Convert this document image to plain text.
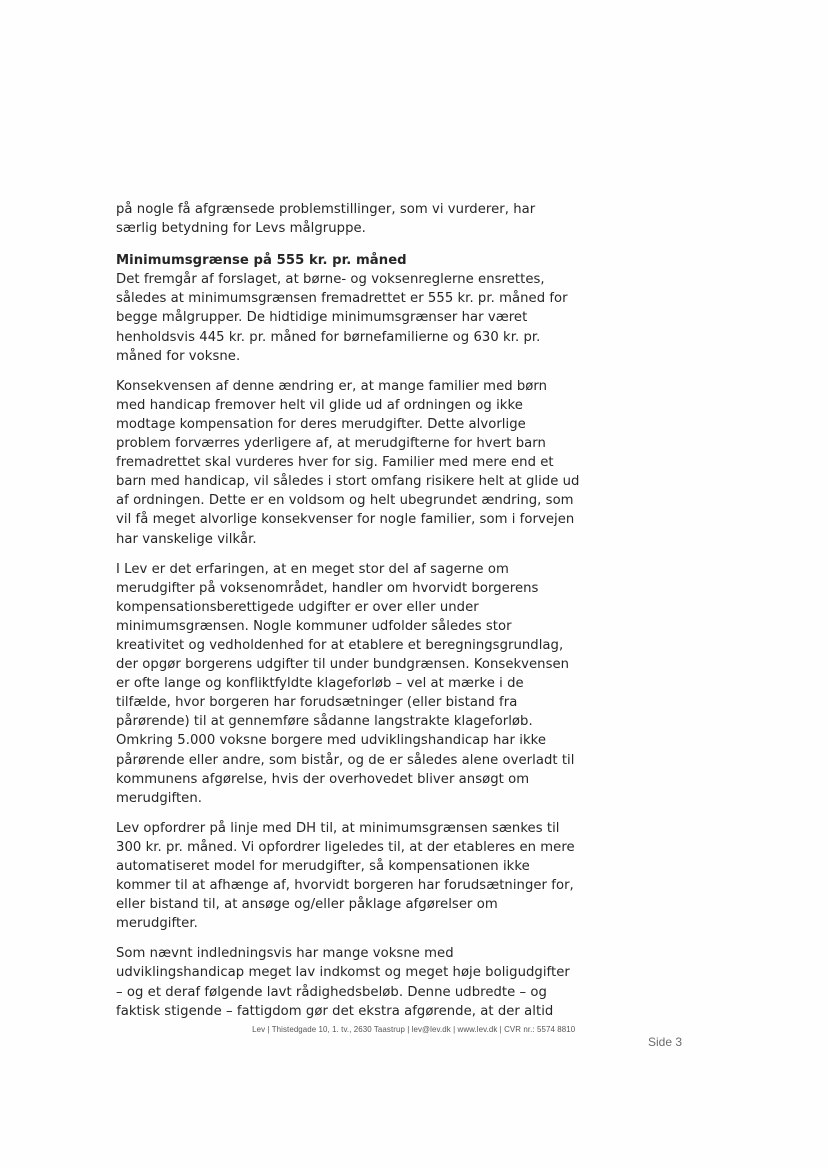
på nogle få afgrænsede problemstillinger, som vi vurderer, har
særlig betydning for Levs målgruppe.

Minimumsgrænse på 555 kr. pr. måned
Det fremgår af forslaget, at børne- og voksenreglerne ensrettes,
således at minimumsgrænsen fremadrettet er 555 kr. pr. måned for
begge målgrupper. De hidtidige minimumsgrænser har været
henholdsvis 445 kr. pr. måned for børnefamilierne og 630 kr. pr.
måned for voksne.

Konsekvensen af denne ændring er, at mange familier med børn
med handicap fremover helt vil glide ud af ordningen og ikke
modtage kompensation for deres merudgifter. Dette alvorlige
problem forværres yderligere af, at merudgifterne for hvert barn
fremadrettet skal vurderes hver for sig. Familier med mere end et
barn med handicap, vil således i stort omfang risikere helt at glide ud
af ordningen. Dette er en voldsom og helt ubegrundet ændring, som
vil få meget alvorlige konsekvenser for nogle familier, som i forvejen
har vanskelige vilkår.

I Lev er det erfaringen, at en meget stor del af sagerne om
merudgifter på voksenområdet, handler om hvorvidt borgerens
kompensationsberettigede udgifter er over eller under
minimumsgrænsen. Nogle kommuner udfolder således stor
kreativitet og vedholdenhed for at etablere et beregningsgrundlag,
der opgør borgerens udgifter til under bundgrænsen. Konsekvensen
er ofte lange og konfliktfyldte klageforløb – vel at mærke i de
tilfælde, hvor borgeren har forudsætninger (eller bistand fra
pårørende) til at gennemføre sådanne langstrakte klageforløb.
Omkring 5.000 voksne borgere med udviklingshandicap har ikke
pårørende eller andre, som bistår, og de er således alene overladt til
kommunens afgørelse, hvis der overhovedet bliver ansøgt om
merudgiften.

Lev opfordrer på linje med DH til, at minimumsgrænsen sænkes til
300 kr. pr. måned. Vi opfordrer ligeledes til, at der etableres en mere
automatiseret model for merudgifter, så kompensationen ikke
kommer til at afhænge af, hvorvidt borgeren har forudsætninger for,
eller bistand til, at ansøge og/eller påklage afgørelser om
merudgifter.

Som nævnt indledningsvis har mange voksne med
udviklingshandicap meget lav indkomst og meget høje boligudgifter
– og et deraf følgende lavt rådighedsbeløb. Denne udbredte – og
faktisk stigende – fattigdom gør det ekstra afgørende, at der altid

Lev | Thistedgade 10, 1. tv., 2630 Taastrup | lev@lev.dk | www.lev.dk | CVR nr.: 5574 8810
Side 3
